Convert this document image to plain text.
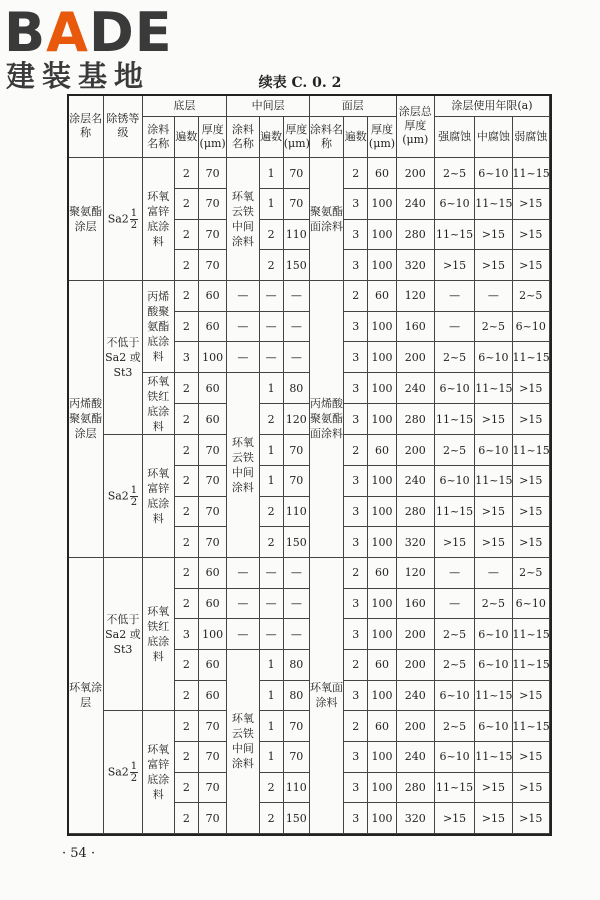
BADE
建装基地	续表 C. 0. 2
涂层名称	除锈等级	底层			中间层			面层			涂层总厚度(μm)	涂层使用年限(a)		
		涂料名称	遍数	厚度(μm)	涂料名称	遍数	厚度(μm)	涂料名称	遍数	厚度(μm)		强腐蚀	中腐蚀	弱腐蚀
聚氨酯涂层	$Sa2 \frac{1}{2}$	环氧富锌底涂料	2	70	环氧云铁中间涂料	1	70	聚氨酯面涂料	2	60	200	2~5	6~10	11~15
			2	70		1	70		3	100	240	6~10	11~15	>15
			2	70		2	110		3	100	280	11~15	>15	>15
			2	70		2	150		3	100	320	>15	>15	>15
丙烯酸聚氨酯涂层	不低于Sa2 或 St3	丙烯酸聚氨酯底涂料	2	60	—	—	—	丙烯酸聚氨酯面涂料	2	60	120	—	—	2~5
			2	60	—	—	—		3	100	160	—	2~5	6~10
			3	100	—	—	—		3	100	200	2~5	6~10	11~15
		环氧铁红底涂料	2	60	环氧云铁中间涂料	1	80		3	100	240	6~10	11~15	>15
			2	60		2	120		3	100	280	11~15	>15	>15
	$Sa2 \frac{1}{2}$	环氧富锌底涂料	2	70		1	70		2	60	200	2~5	6~10	11~15
			2	70		1	70		3	100	240	6~10	11~15	>15
			2	70		2	110		3	100	280	11~15	>15	>15
			2	70		2	150		3	100	320	>15	>15	>15
环氧涂层	不低于Sa2 或 St3	环氧铁红底涂料	2	60	—	—	—	环氧面涂料	2	60	120	—	—	2~5
			2	60	—	—	—		3	100	160	—	2~5	6~10
			3	100	—	—	—		3	100	200	2~5	6~10	11~15
			2	60	环氧云铁中间涂料	1	80		2	60	200	2~5	6~10	11~15
			2	60		1	80		3	100	240	6~10	11~15	>15
	$Sa2 \frac{1}{2}$	环氧富锌底涂料	2	70		1	70		2	60	200	2~5	6~10	11~15
			2	70		1	70		3	100	240	6~10	11~15	>15
			2	70		2	110		3	100	280	11~15	>15	>15
			2	70		2	150		3	100	320	>15	>15	>15
· 54 ·
